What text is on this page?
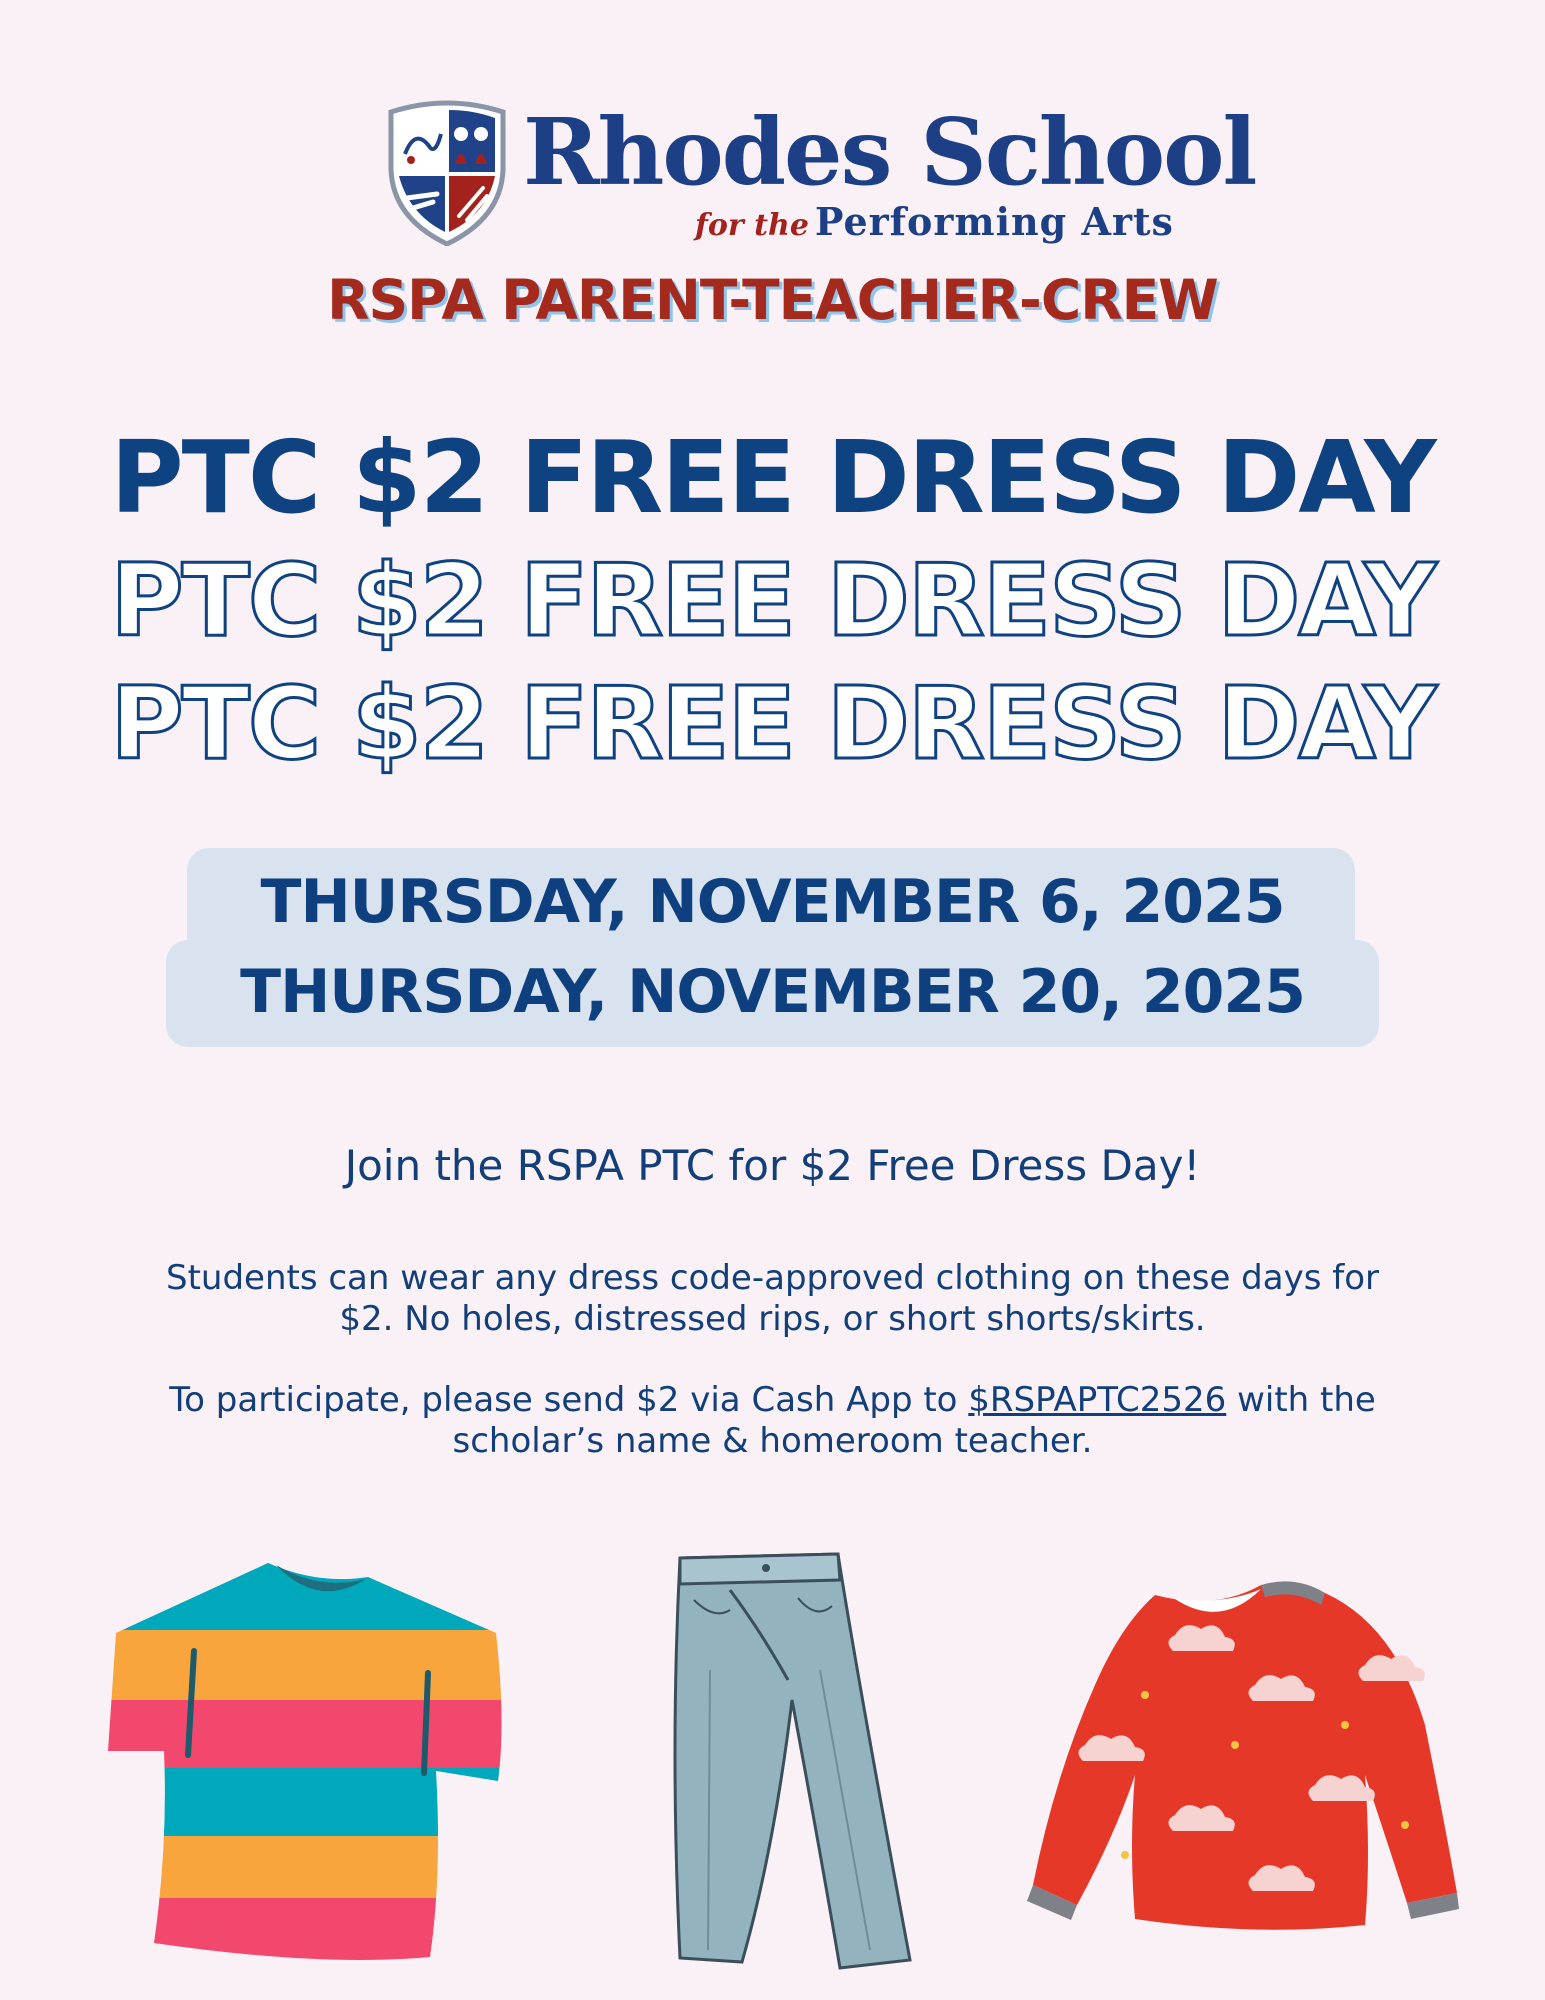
Rhodes School
for the Performing Arts
RSPA PARENT-TEACHER-CREW
PTC $2 FREE DRESS DAY
PTC $2 FREE DRESS DAY
PTC $2 FREE DRESS DAY
THURSDAY, NOVEMBER 6, 2025
THURSDAY, NOVEMBER 20, 2025
Join the RSPA PTC for $2 Free Dress Day!
Students can wear any dress code-approved clothing on these days for
$2. No holes, distressed rips, or short shorts/skirts.
To participate, please send $2 via Cash App to $RSPAPTC2526 with the
scholar’s name & homeroom teacher.
